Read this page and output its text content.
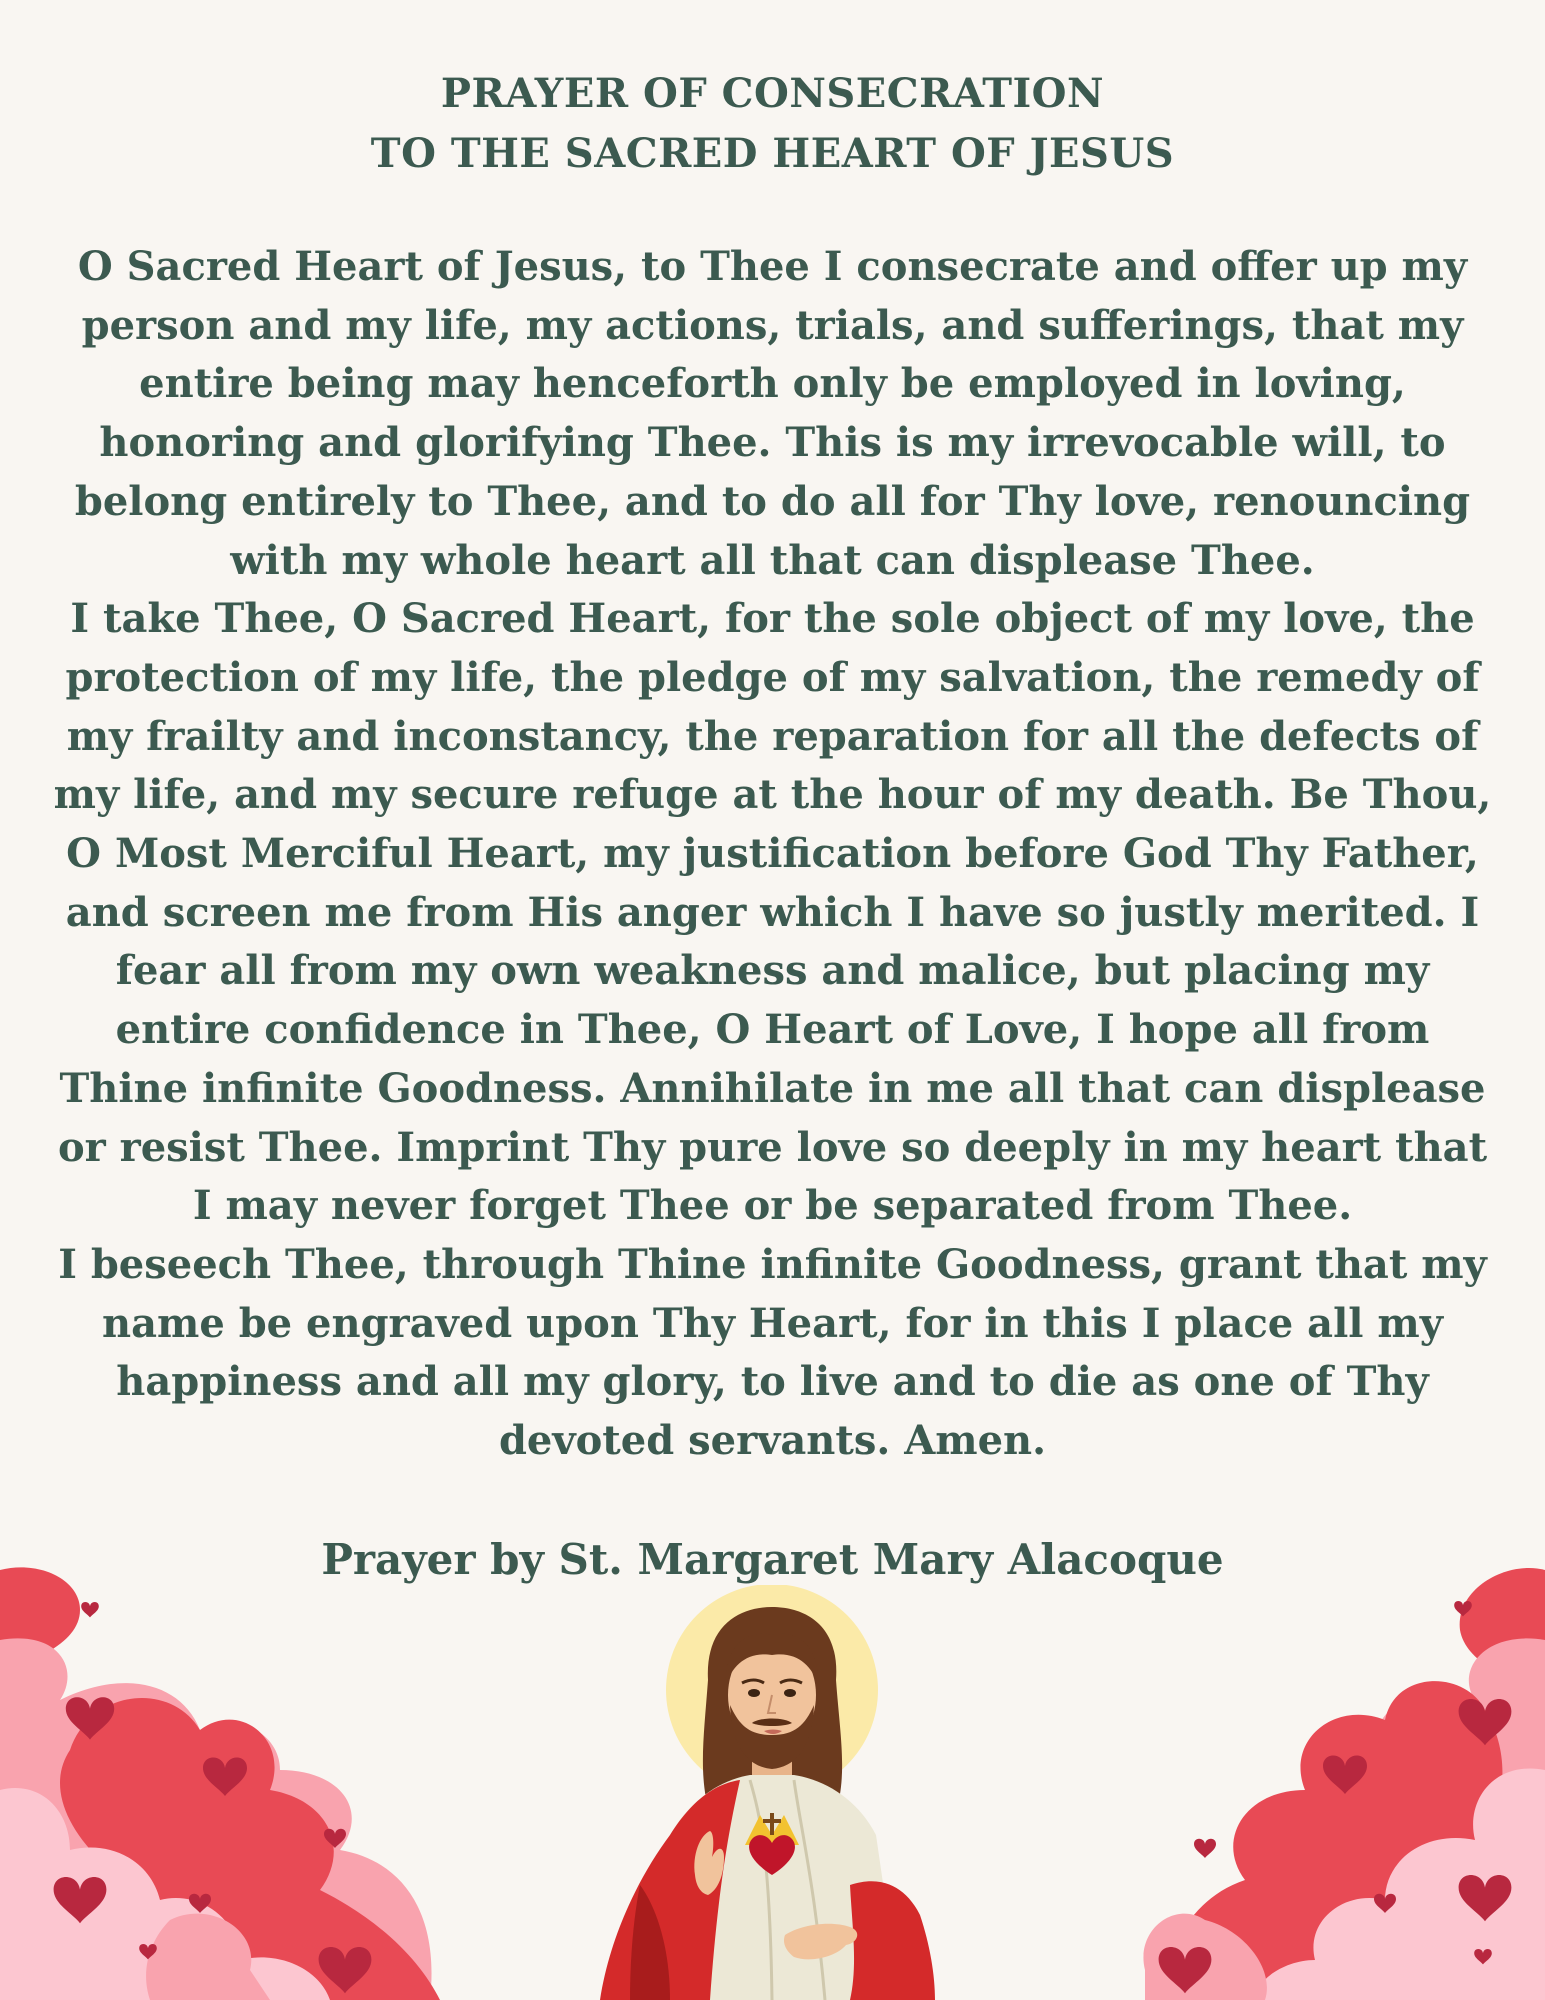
PRAYER OF CONSECRATION
TO THE SACRED HEART OF JESUS

O Sacred Heart of Jesus, to Thee I consecrate and offer up my person and my life, my actions, trials, and sufferings, that my entire being may henceforth only be employed in loving, honoring and glorifying Thee. This is my irrevocable will, to belong entirely to Thee, and to do all for Thy love, renouncing with my whole heart all that can displease Thee.

I take Thee, O Sacred Heart, for the sole object of my love, the protection of my life, the pledge of my salvation, the remedy of my frailty and inconstancy, the reparation for all the defects of my life, and my secure refuge at the hour of my death. Be Thou, O Most Merciful Heart, my justification before God Thy Father, and screen me from His anger which I have so justly merited. I fear all from my own weakness and malice, but placing my entire confidence in Thee, O Heart of Love, I hope all from Thine infinite Goodness. Annihilate in me all that can displease or resist Thee. Imprint Thy pure love so deeply in my heart that I may never forget Thee or be separated from Thee.

I beseech Thee, through Thine infinite Goodness, grant that my name be engraved upon Thy Heart, for in this I place all my happiness and all my glory, to live and to die as one of Thy devoted servants. Amen.

Prayer by St. Margaret Mary Alacoque
